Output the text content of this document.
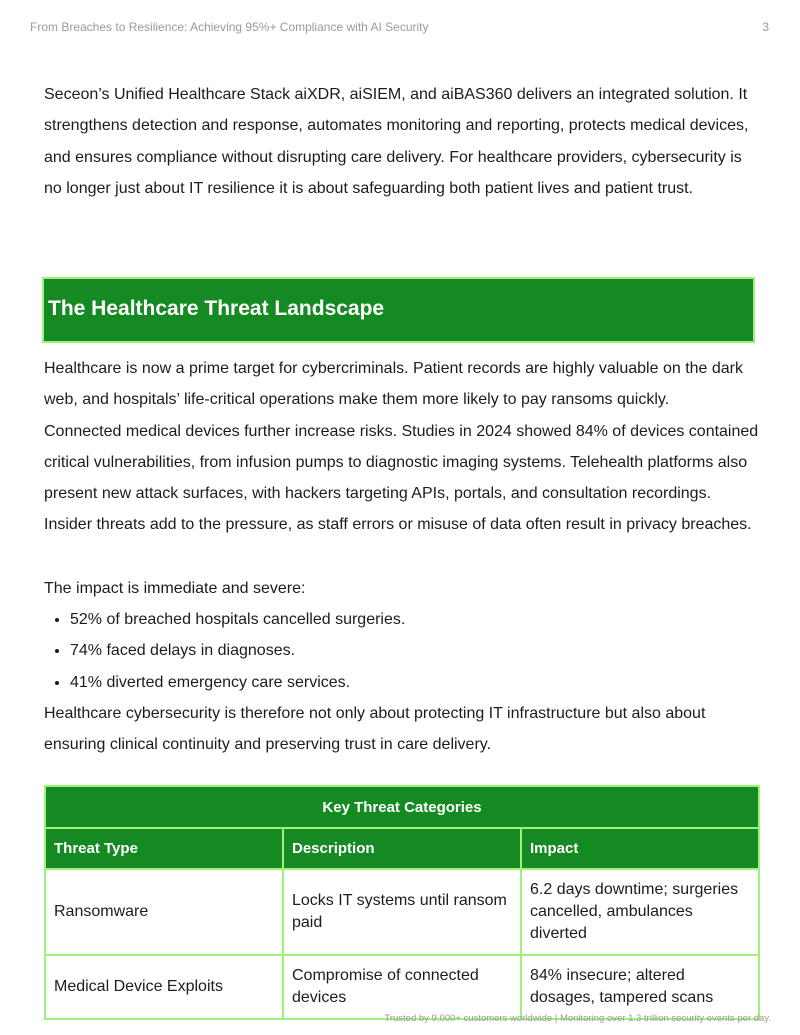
From Breaches to Resilience: Achieving 95%+ Compliance with AI Security	3

Seceon’s Unified Healthcare Stack aiXDR, aiSIEM, and aiBAS360 delivers an integrated solution. It strengthens detection and response, automates monitoring and reporting, protects medical devices, and ensures compliance without disrupting care delivery. For healthcare providers, cybersecurity is no longer just about IT resilience it is about safeguarding both patient lives and patient trust.

The Healthcare Threat Landscape

Healthcare is now a prime target for cybercriminals. Patient records are highly valuable on the dark web, and hospitals’ life-critical operations make them more likely to pay ransoms quickly.
Connected medical devices further increase risks. Studies in 2024 showed 84% of devices contained critical vulnerabilities, from infusion pumps to diagnostic imaging systems. Telehealth platforms also present new attack surfaces, with hackers targeting APIs, portals, and consultation recordings.
Insider threats add to the pressure, as staff errors or misuse of data often result in privacy breaches.

The impact is immediate and severe:

• 52% of breached hospitals cancelled surgeries.
• 74% faced delays in diagnoses.
• 41% diverted emergency care services.

Healthcare cybersecurity is therefore not only about protecting IT infrastructure but also about ensuring clinical continuity and preserving trust in care delivery.

Key Threat Categories		
Threat Type	Description	Impact
Ransomware	Locks IT systems until ransom paid	6.2 days downtime; surgeries cancelled, ambulances diverted
Medical Device Exploits	Compromise of connected devices	84% insecure; altered dosages, tampered scans
Trusted by 9,000+ customers worldwide | Monitoring over 1.3 trillion security events per day.
